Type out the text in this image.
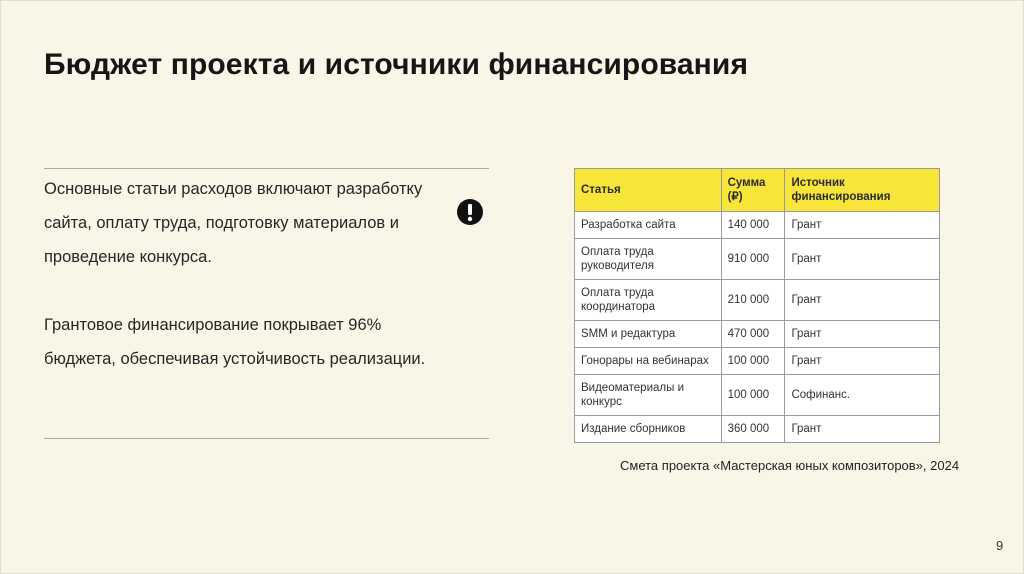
Бюджет проекта и источники финансирования
Основные статьи расходов включают разработку сайта, оплату труда, подготовку материалов и проведение конкурса.
Грантовое финансирование покрывает 96% бюджета, обеспечивая устойчивость реализации.
Статья	Сумма (₽)	Источник финансирования
Разработка сайта	140 000	Грант
Оплата труда руководителя	910 000	Грант
Оплата труда координатора	210 000	Грант
SMM и редактура	470 000	Грант
Гонорары на вебинарах	100 000	Грант
Видеоматериалы и конкурс	100 000	Софинанс.
Издание сборников	360 000	Грант
Смета проекта «Мастерская юных композиторов», 2024
9
